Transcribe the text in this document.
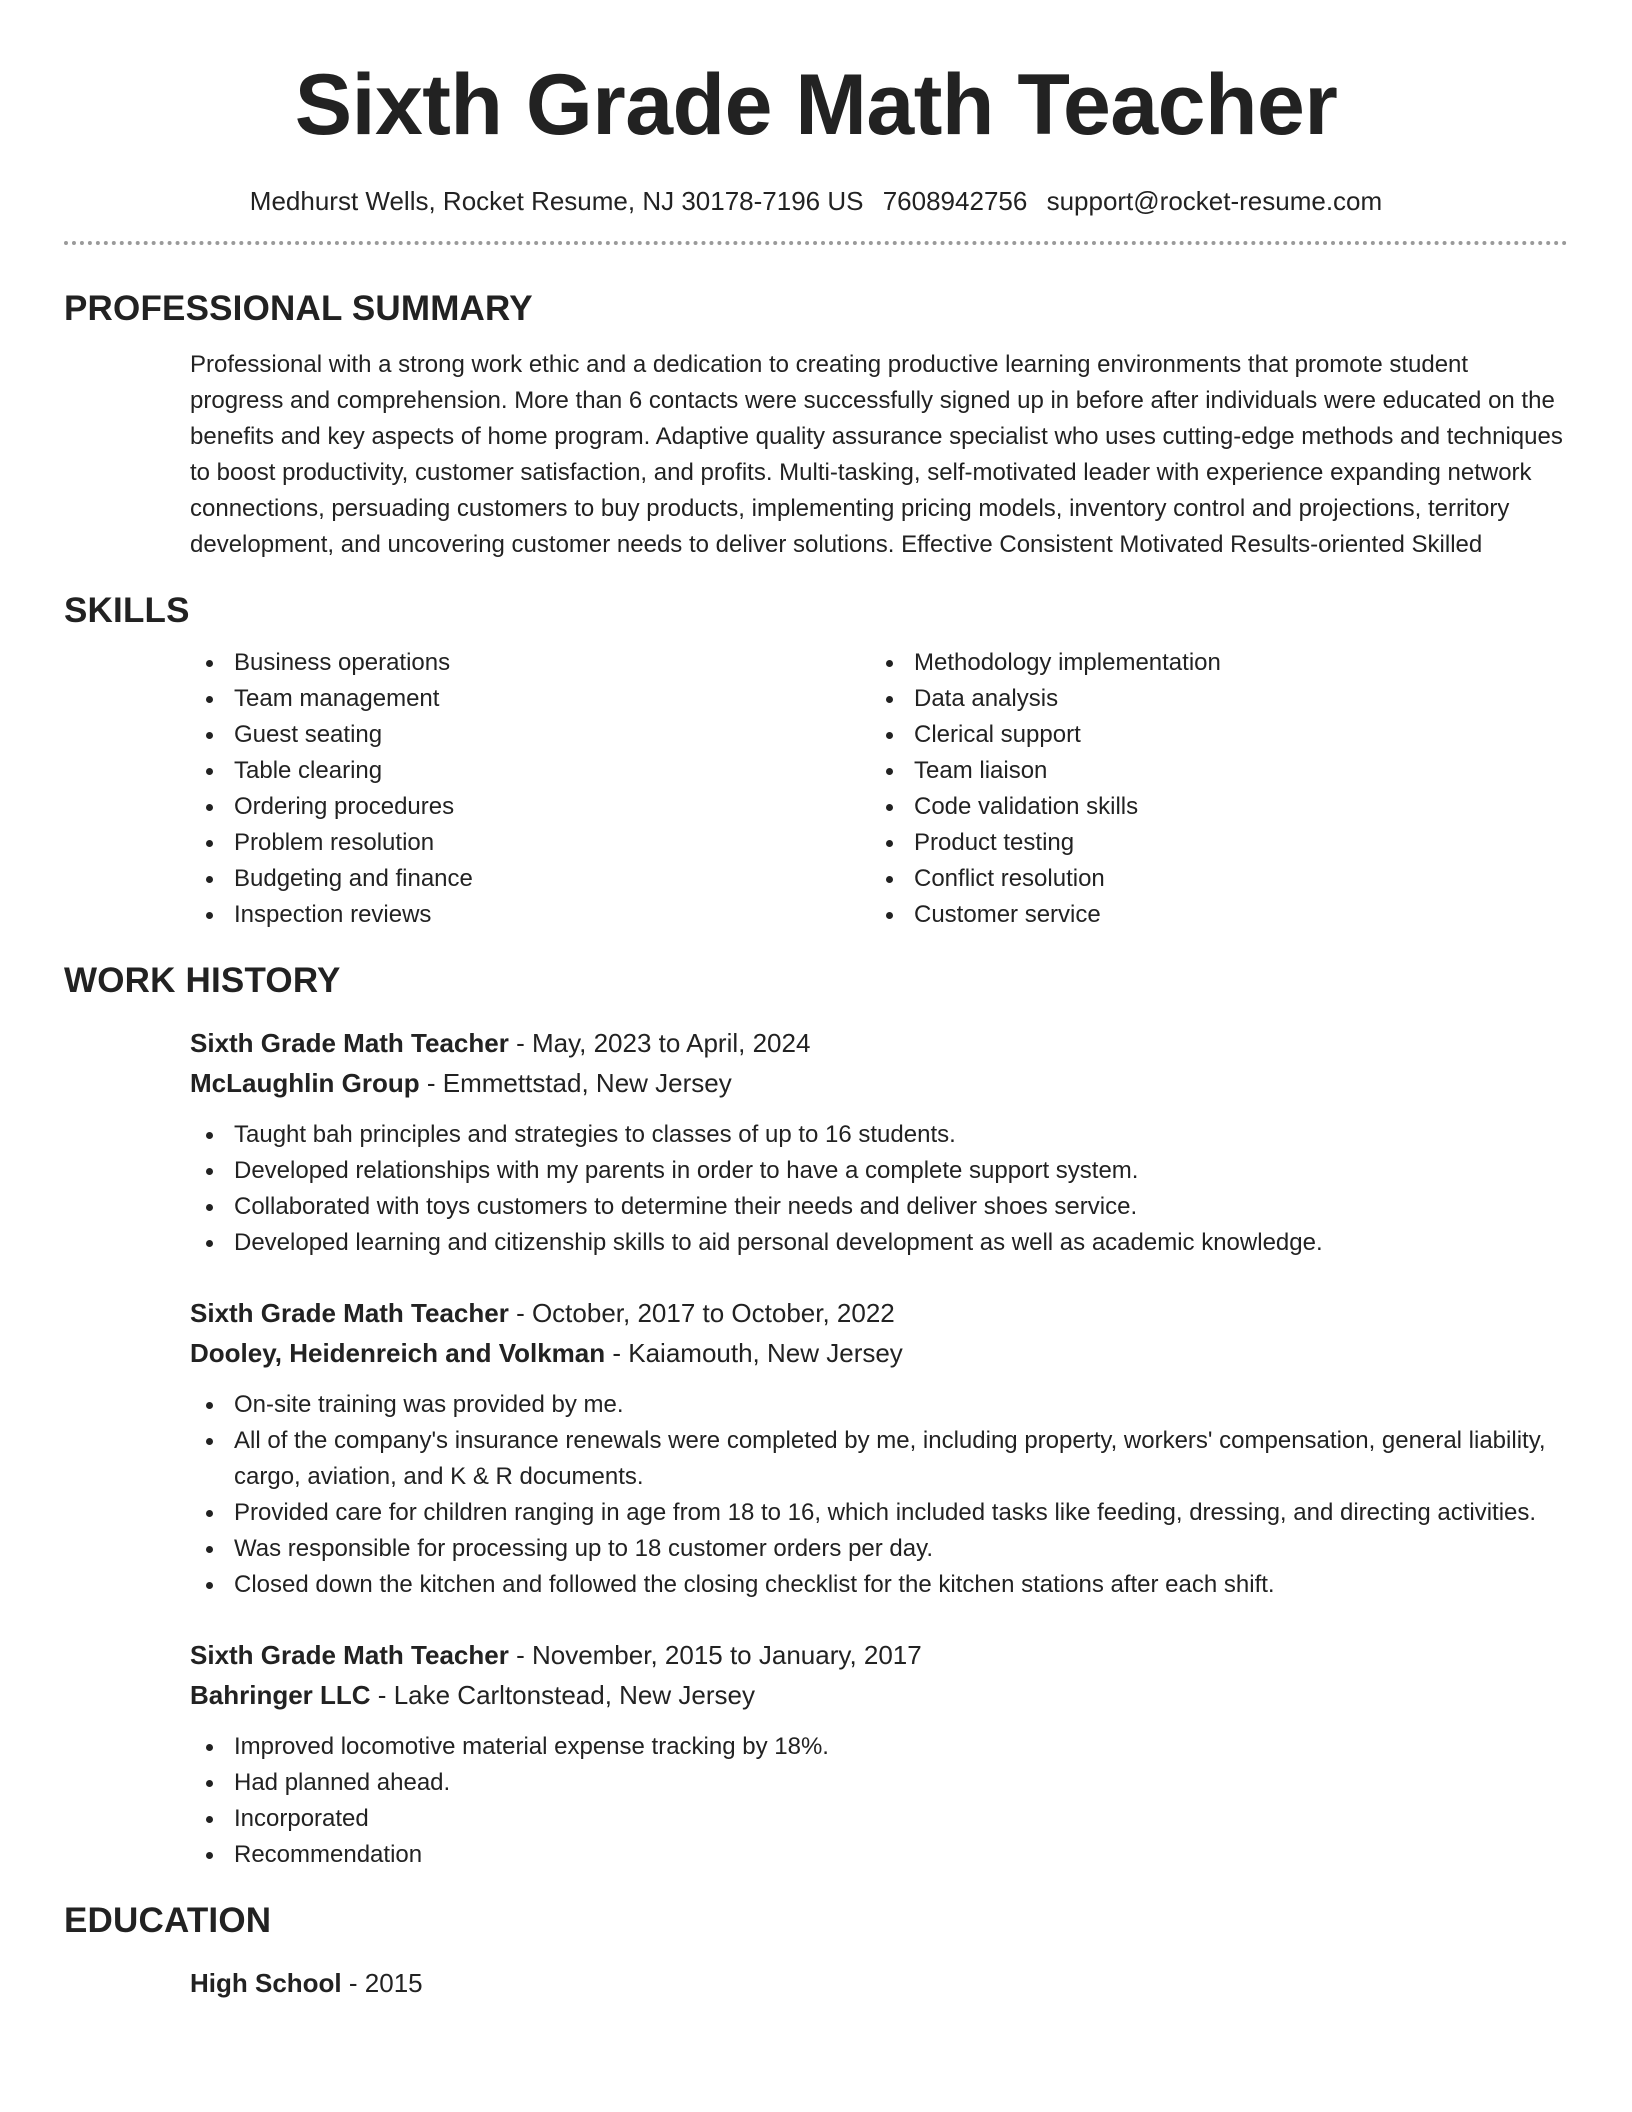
Sixth Grade Math Teacher
Medhurst Wells, Rocket Resume, NJ 30178-7196 US 7608942756 support@rocket-resume.com
PROFESSIONAL SUMMARY
Professional with a strong work ethic and a dedication to creating productive learning environments that promote student progress and comprehension. More than 6 contacts were successfully signed up in before after individuals were educated on the benefits and key aspects of home program. Adaptive quality assurance specialist who uses cutting-edge methods and techniques to boost productivity, customer satisfaction, and profits. Multi-tasking, self-motivated leader with experience expanding network connections, persuading customers to buy products, implementing pricing models, inventory control and projections, territory development, and uncovering customer needs to deliver solutions. Effective Consistent Motivated Results-oriented Skilled
SKILLS
Business operations
Team management
Guest seating
Table clearing
Ordering procedures
Problem resolution
Budgeting and finance
Inspection reviews
Methodology implementation
Data analysis
Clerical support
Team liaison
Code validation skills
Product testing
Conflict resolution
Customer service
WORK HISTORY
Sixth Grade Math Teacher - May, 2023 to April, 2024
McLaughlin Group - Emmettstad, New Jersey
Taught bah principles and strategies to classes of up to 16 students.
Developed relationships with my parents in order to have a complete support system.
Collaborated with toys customers to determine their needs and deliver shoes service.
Developed learning and citizenship skills to aid personal development as well as academic knowledge.
Sixth Grade Math Teacher - October, 2017 to October, 2022
Dooley, Heidenreich and Volkman - Kaiamouth, New Jersey
On-site training was provided by me.
All of the company's insurance renewals were completed by me, including property, workers' compensation, general liability, cargo, aviation, and K & R documents.
Provided care for children ranging in age from 18 to 16, which included tasks like feeding, dressing, and directing activities.
Was responsible for processing up to 18 customer orders per day.
Closed down the kitchen and followed the closing checklist for the kitchen stations after each shift.
Sixth Grade Math Teacher - November, 2015 to January, 2017
Bahringer LLC - Lake Carltonstead, New Jersey
Improved locomotive material expense tracking by 18%.
Had planned ahead.
Incorporated
Recommendation
EDUCATION
High School - 2015
